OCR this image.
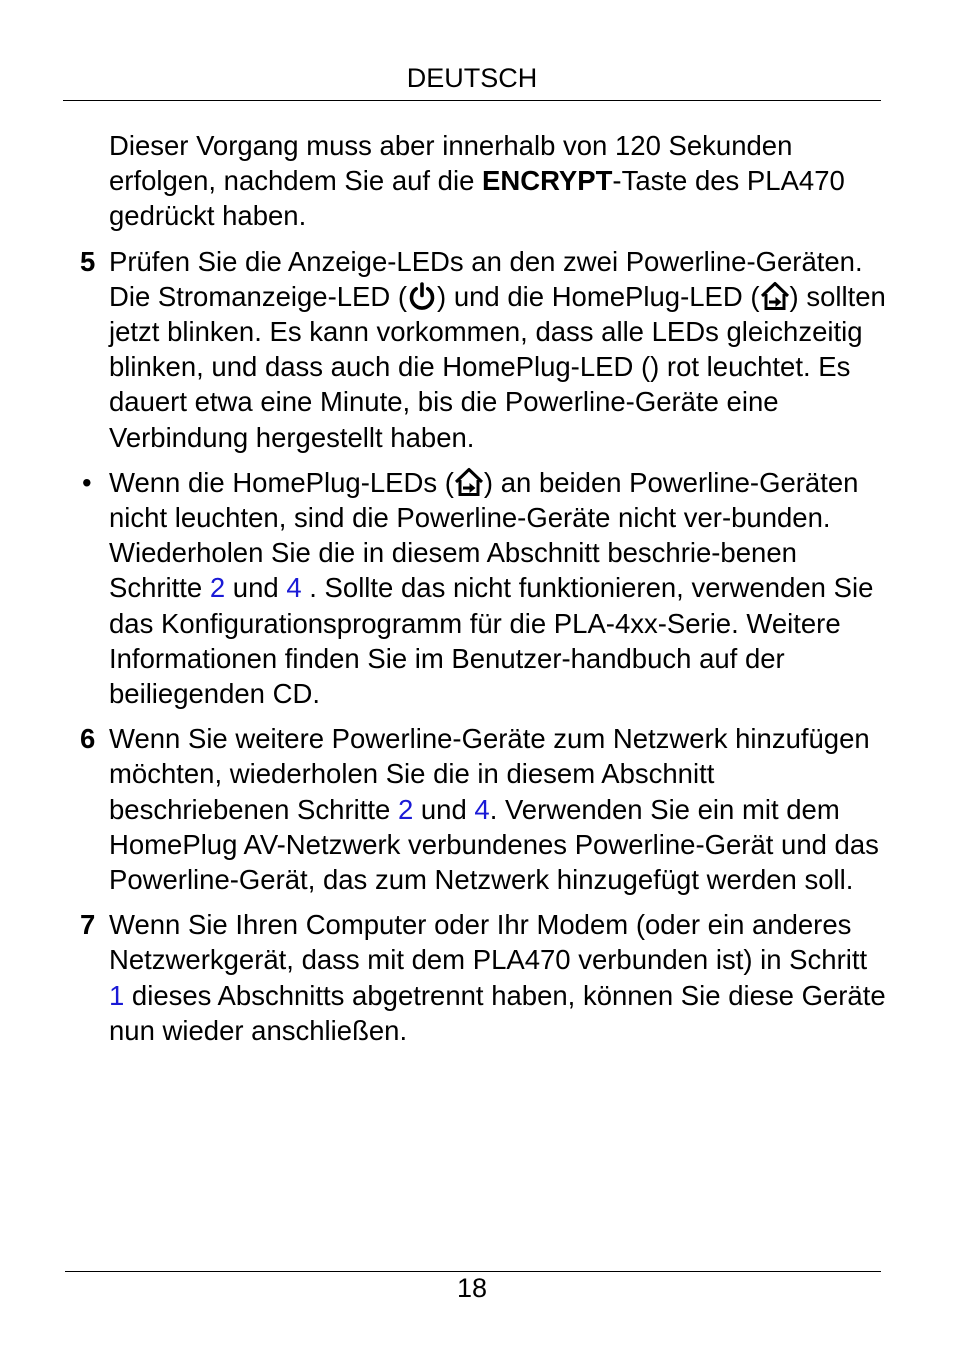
DEUTSCH
Dieser Vorgang muss aber innerhalb von 120 Sekunden erfolgen, nachdem Sie auf die ENCRYPT-Taste des PLA470 gedrückt haben.
5 Prüfen Sie die Anzeige-LEDs an den zwei Powerline-Geräten. Die Stromanzeige-LED ( ) und die HomePlug-LED ( ) sollten jetzt blinken. Es kann vorkommen, dass alle LEDs gleichzeitig blinken, und dass auch die HomePlug-LED () rot leuchtet. Es dauert etwa eine Minute, bis die Powerline-Geräte eine Verbindung hergestellt haben.
• Wenn die HomePlug-LEDs ( ) an beiden Powerline-Geräten nicht leuchten, sind die Powerline-Geräte nicht ver-bunden. Wiederholen Sie die in diesem Abschnitt beschrie-benen Schritte 2 und 4 . Sollte das nicht funktionieren, verwenden Sie das Konfigurationsprogramm für die PLA-4xx-Serie. Weitere Informationen finden Sie im Benutzer-handbuch auf der beiliegenden CD.
6 Wenn Sie weitere Powerline-Geräte zum Netzwerk hinzufügen möchten, wiederholen Sie die in diesem Abschnitt beschriebenen Schritte 2 und 4. Verwenden Sie ein mit dem HomePlug AV-Netzwerk verbundenes Powerline-Gerät und das Powerline-Gerät, das zum Netzwerk hinzugefügt werden soll.
7 Wenn Sie Ihren Computer oder Ihr Modem (oder ein anderes Netzwerkgerät, dass mit dem PLA470 verbunden ist) in Schritt 1 dieses Abschnitts abgetrennt haben, können Sie diese Geräte nun wieder anschließen.
18
